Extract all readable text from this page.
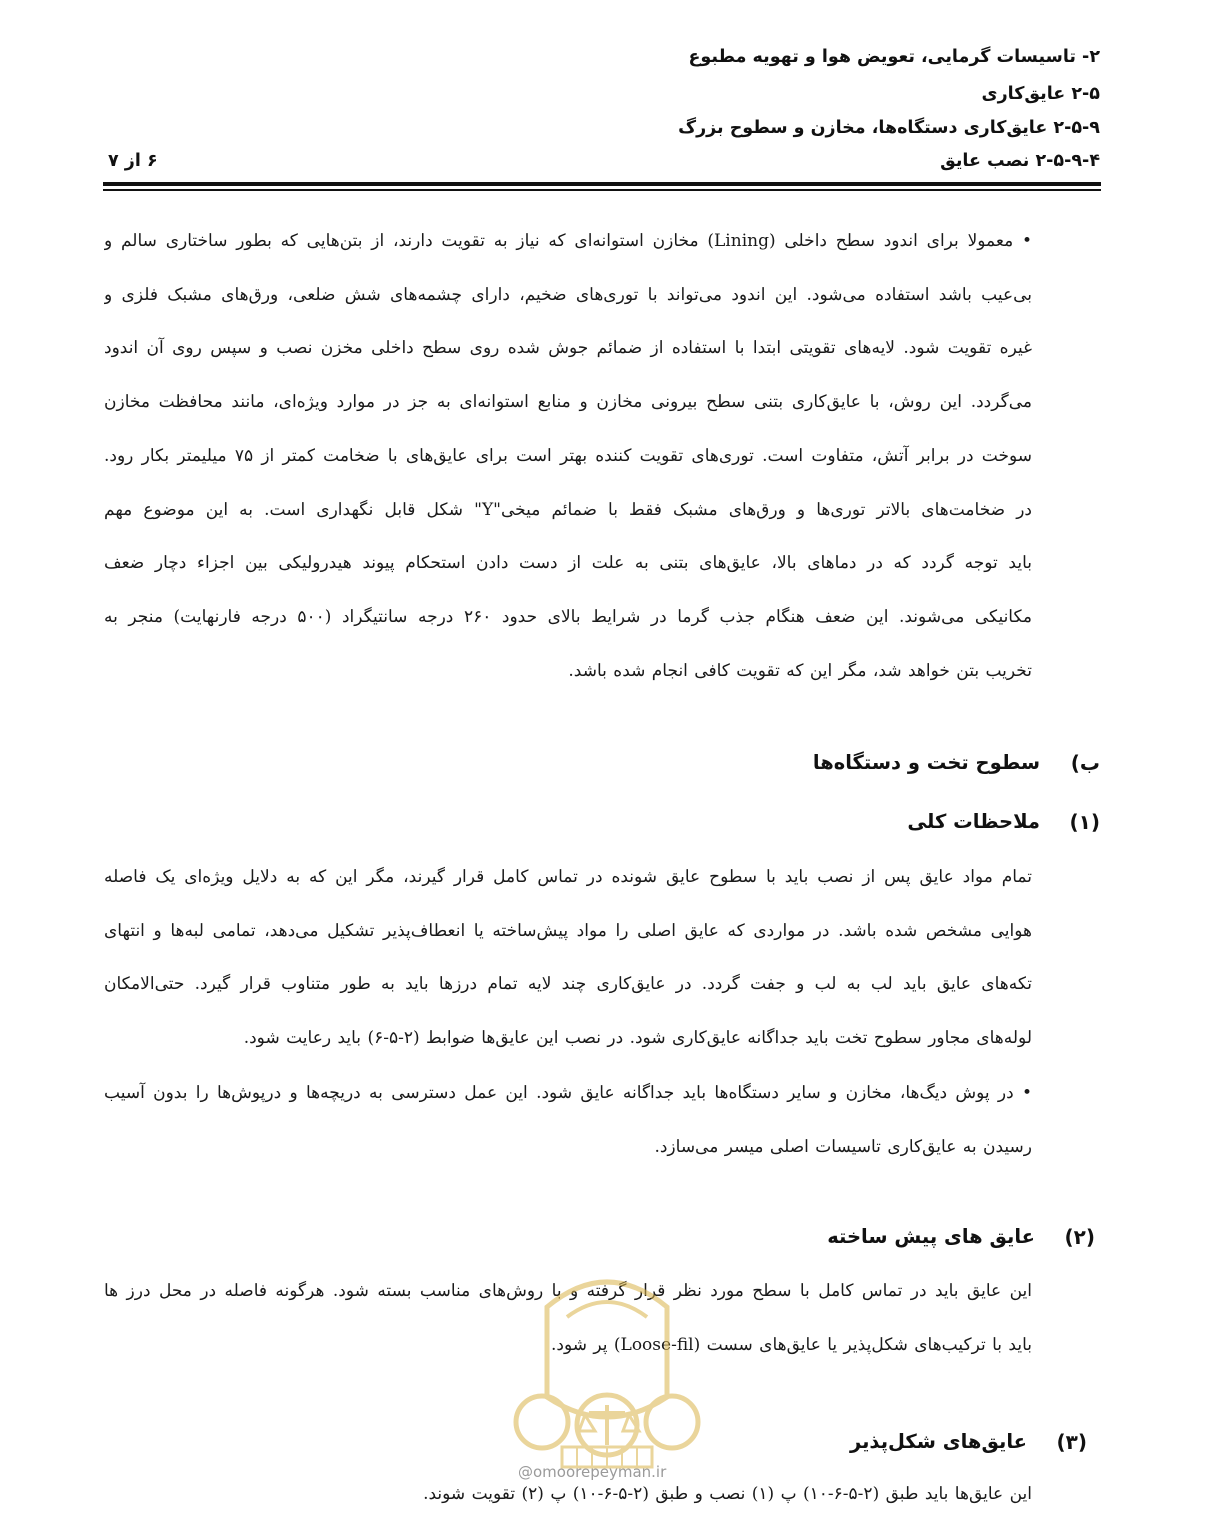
۲- تاسیسات گرمایی، تعویض هوا و تهویه مطبوع
۲-۵ عایق‌کاری
۲-۵-۹ عایق‌کاری دستگاه‌ها، مخازن و سطوح بزرگ
۲-۵-۹-۴ نصب عایق
۶ از ۷
• معمولا برای اندود سطح داخلی (Lining) مخازن استوانه‌ای که نیاز به تقویت دارند، از بتن‌هایی که بطور ساختاری سالم و
بی‌عیب باشد استفاده می‌شود. این اندود می‌تواند با توری‌های ضخیم، دارای چشمه‌های شش ضلعی، ورق‌های مشبک فلزی و
غیره تقویت شود. لایه‌های تقویتی ابتدا با استفاده از ضمائم جوش شده روی سطح داخلی مخزن نصب و سپس روی آن اندود
می‌گردد. این روش، با عایق‌کاری بتنی سطح بیرونی مخازن و منابع استوانه‌ای به جز در موارد ویژه‌ای، مانند محافظت مخازن
سوخت در برابر آتش، متفاوت است. توری‌های تقویت کننده بهتر است برای عایق‌های با ضخامت کمتر از ۷۵ میلیمتر بکار رود.
در ضخامت‌های بالاتر توری‌ها و ورق‌های مشبک فقط با ضمائم میخی"Y" شکل قابل نگهداری است. به این موضوع مهم
باید توجه گردد که در دماهای بالا، عایق‌های بتنی به علت از دست دادن استحکام پیوند هیدرولیکی بین اجزاء دچار ضعف
مکانیکی می‌شوند. این ضعف هنگام جذب گرما در شرایط بالای حدود ۲۶۰ درجه سانتیگراد (۵۰۰ درجه فارنهایت) منجر به
تخریب بتن خواهد شد، مگر این که تقویت کافی انجام شده باشد.
ب)
سطوح تخت و دستگاه‌ها
(۱)
ملاحظات کلی
تمام مواد عایق پس از نصب باید با سطوح عایق شونده در تماس کامل قرار گیرند، مگر این که به دلایل ویژه‌ای یک فاصله
هوایی مشخص شده باشد. در مواردی که عایق اصلی را مواد پیش‌ساخته یا انعطاف‌پذیر تشکیل می‌دهد، تمامی لبه‌ها و انتهای
تکه‌های عایق باید لب به لب و جفت گردد. در عایق‌کاری چند لایه تمام درزها باید به طور متناوب قرار گیرد. حتی‌الامکان
لوله‌های مجاور سطوح تخت باید جداگانه عایق‌کاری شود. در نصب این عایق‌ها ضوابط (۲-۵-۶) باید رعایت شود.
• در پوش دیگ‌ها، مخازن و سایر دستگاه‌ها باید جداگانه عایق شود. این عمل دسترسی به دریچه‌ها و درپوش‌ها را بدون آسیب
رسیدن به عایق‌کاری تاسیسات اصلی میسر می‌سازد.
(۲)
عایق های پیش ساخته
این عایق باید در تماس کامل با سطح مورد نظر قرار گرفته و با روش‌های مناسب بسته شود. هرگونه فاصله در محل درز ها
باید با ترکیب‌های شکل‌پذیر یا عایق‌های سست (Loose-fil) پر شود.
(۳)
عایق‌های شکل‌پذیر
@omoorepeyman.ir
این عایق‌ها باید طبق (۲-۵-۶-۱۰) پ (۱) نصب و طبق (۲-۵-۶-۱۰) پ (۲) تقویت شوند.
